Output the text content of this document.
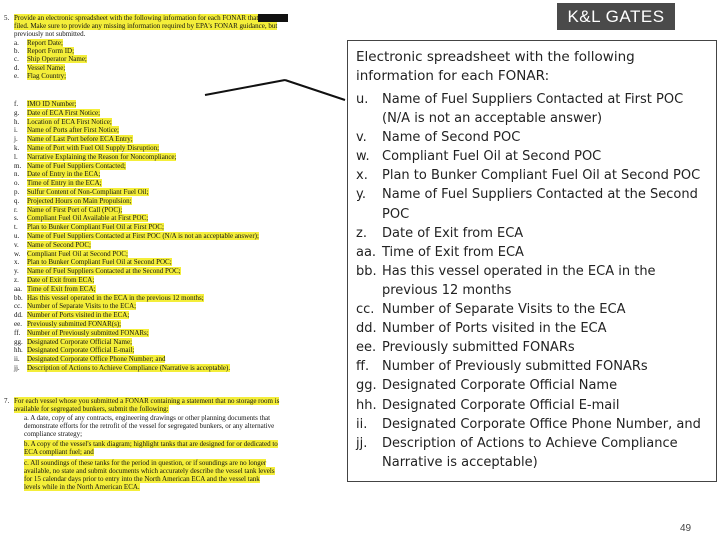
K&L GATES
5. Provide an electronic spreadsheet with the following information for each FONAR that
filed. Make sure to provide any missing information required by EPA's FONAR guidance, but
previously not submitted.
a. Report Date;
b. Report Form ID;
c. Ship Operator Name;
d. Vessel Name;
e. Flag Country;
f. IMO ID Number;
g. Date of ECA First Notice;
h. Location of ECA First Notice;
i. Name of Ports after First Notice;
j. Name of Last Port before ECA Entry;
k. Name of Port with Fuel Oil Supply Disruption;
l. Narrative Explaining the Reason for Noncompliance;
m. Name of Fuel Suppliers Contacted;
n. Date of Entry in the ECA;
o. Time of Entry in the ECA;
p. Sulfur Content of Non-Compliant Fuel Oil;
q. Projected Hours on Main Propulsion;
r. Name of First Port of Call (POC);
s. Compliant Fuel Oil Available at First POC;
t. Plan to Bunker Compliant Fuel Oil at First POC;
u. Name of Fuel Suppliers Contacted at First POC (N/A is not an acceptable answer);
v. Name of Second POC;
w. Compliant Fuel Oil at Second POC;
x. Plan to Bunker Compliant Fuel Oil at Second POC;
y. Name of Fuel Suppliers Contacted at the Second POC;
z. Date of Exit from ECA;
aa. Time of Exit from ECA;
bb. Has this vessel operated in the ECA in the previous 12 months;
cc. Number of Separate Visits to the ECA;
dd. Number of Ports visited in the ECA;
ee. Previously submitted FONAR(s);
ff. Number of Previously submitted FONARs;
gg. Designated Corporate Official Name;
hh. Designated Corporate Official E-mail;
ii. Designated Corporate Office Phone Number; and
jj. Description of Actions to Achieve Compliance (Narrative is acceptable).
7. For each vessel whose you submitted a FONAR containing a statement that no storage room is
available for segregated bunkers, submit the following:
a. A date, copy of any contracts, engineering drawings or other planning documents that
demonstrate efforts for the retrofit of the vessel for segregated bunkers, or any alternative
compliance strategy;
b. A copy of the vessel's tank diagram; highlight tanks that are designed for or dedicated to
ECA compliant fuel; and
c. All soundings of these tanks for the period in question, or if soundings are no longer
available, no state and submit documents which accurately describe the vessel tank levels
for 15 calendar days prior to entry into the North American ECA and the vessel tank
levels while in the North American ECA.
Electronic spreadsheet with the following information for each FONAR:
u.	Name of Fuel Suppliers Contacted at First POC (N/A is not an acceptable answer)
v.	Name of Second POC
w. Compliant Fuel Oil at Second POC
x.	Plan to Bunker Compliant Fuel Oil at Second POC
y.	Name of Fuel Suppliers Contacted at the Second POC
z.	Date of Exit from ECA
aa. Time of Exit from ECA
bb. Has this vessel operated in the ECA in the previous 12 months
cc. Number of Separate Visits to the ECA
dd. Number of Ports visited in the ECA
ee. Previously submitted FONARs
ff. Number of Previously submitted FONARs
gg. Designated Corporate Official Name
hh. Designated Corporate Official E-mail
ii.	Designated Corporate Office Phone Number, and
jj.	Description of Actions to Achieve Compliance Narrative is acceptable)
49
